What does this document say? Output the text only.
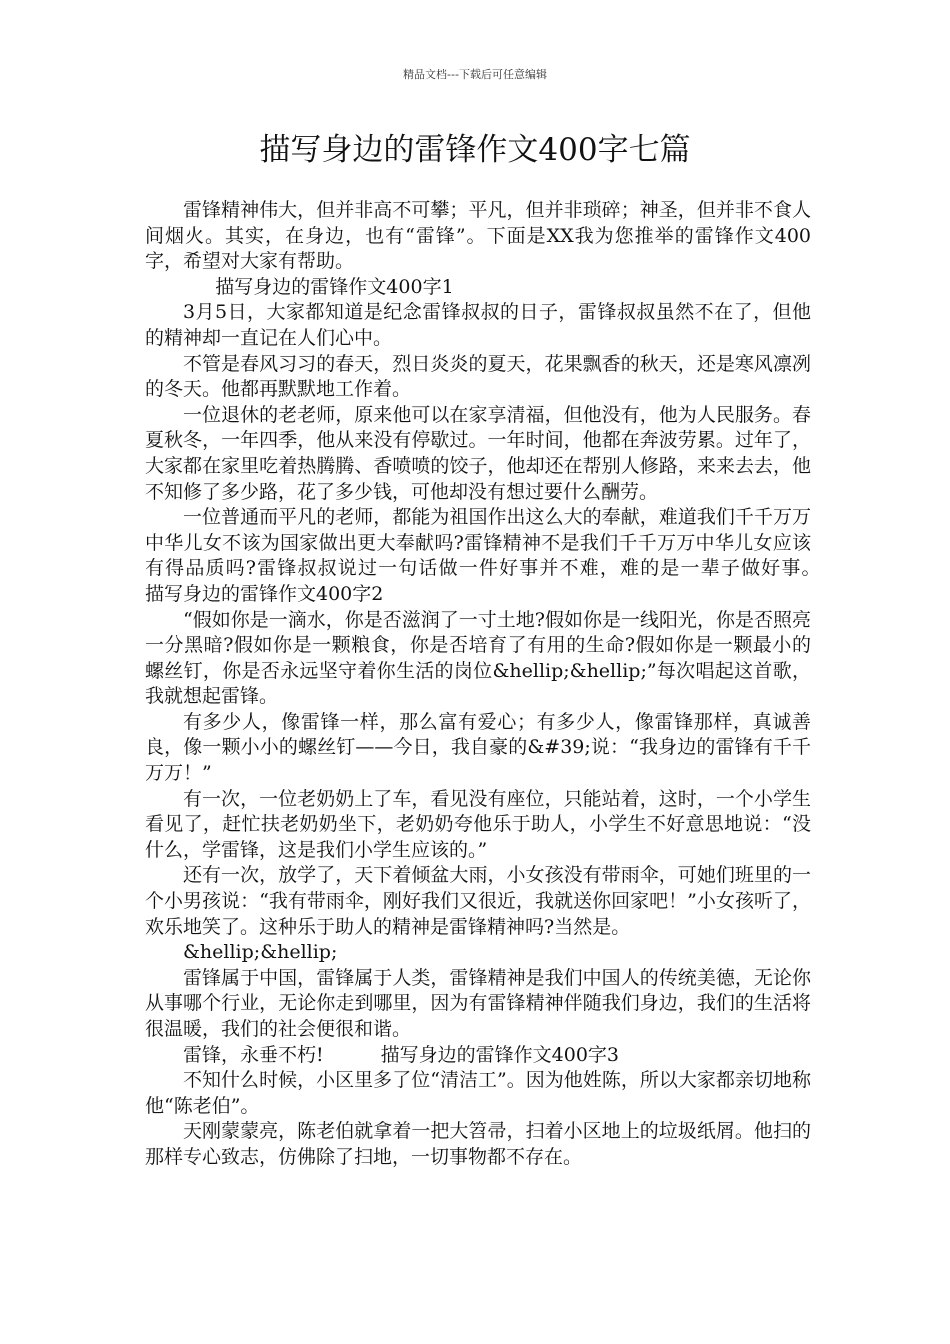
精品文档---下载后可任意编辑
描写身边的雷锋作文400字七篇

雷锋精神伟大，但并非高不可攀；平凡，但并非琐碎；神圣，但并非不食人间烟火。其实，在身边，也有“雷锋”。下面是XX我为您推举的雷锋作文400字，希望对大家有帮助。

描写身边的雷锋作文400字1

3月5日，大家都知道是纪念雷锋叔叔的日子，雷锋叔叔虽然不在了，但他的精神却一直记在人们心中。

不管是春风习习的春天，烈日炎炎的夏天，花果飘香的秋天，还是寒风凛冽的冬天。他都再默默地工作着。

一位退休的老老师，原来他可以在家享清福，但他没有，他为人民服务。春夏秋冬，一年四季，他从来没有停歇过。一年时间，他都在奔波劳累。过年了，大家都在家里吃着热腾腾、香喷喷的饺子，他却还在帮别人修路，来来去去，他不知修了多少路，花了多少钱，可他却没有想过要什么酬劳。

一位普通而平凡的老师，都能为祖国作出这么大的奉献，难道我们千千万万中华儿女不该为国家做出更大奉献吗?雷锋精神不是我们千千万万中华儿女应该有得品质吗?雷锋叔叔说过一句话做一件好事并不难，难的是一辈子做好事。　　　描写身边的雷锋作文400字2

“假如你是一滴水，你是否滋润了一寸土地?假如你是一线阳光，你是否照亮一分黑暗?假如你是一颗粮食，你是否培育了有用的生命?假如你是一颗最小的螺丝钉，你是否永远坚守着你生活的岗位&hellip;&hellip;”每次唱起这首歌，我就想起雷锋。

有多少人，像雷锋一样，那么富有爱心；有多少人，像雷锋那样，真诚善良，像一颗小小的螺丝钉——今日，我自豪的&#39;说：“我身边的雷锋有千千万万！”

有一次，一位老奶奶上了车，看见没有座位，只能站着，这时，一个小学生看见了，赶忙扶老奶奶坐下，老奶奶夸他乐于助人，小学生不好意思地说：“没什么，学雷锋，这是我们小学生应该的。”

还有一次，放学了，天下着倾盆大雨，小女孩没有带雨伞，可她们班里的一个小男孩说：“我有带雨伞，刚好我们又很近，我就送你回家吧！”小女孩听了，欢乐地笑了。这种乐于助人的精神是雷锋精神吗?当然是。

&hellip;&hellip;

雷锋属于中国，雷锋属于人类，雷锋精神是我们中国人的传统美德，无论你从事哪个行业，无论你走到哪里，因为有雷锋精神伴随我们身边，我们的生活将很温暖，我们的社会便很和谐。

雷锋，永垂不朽!　　　描写身边的雷锋作文400字3

不知什么时候，小区里多了位“清洁工”。因为他姓陈，所以大家都亲切地称他“陈老伯”。

天刚蒙蒙亮，陈老伯就拿着一把大笤帚，扫着小区地上的垃圾纸屑。他扫的那样专心致志，仿佛除了扫地，一切事物都不存在。
